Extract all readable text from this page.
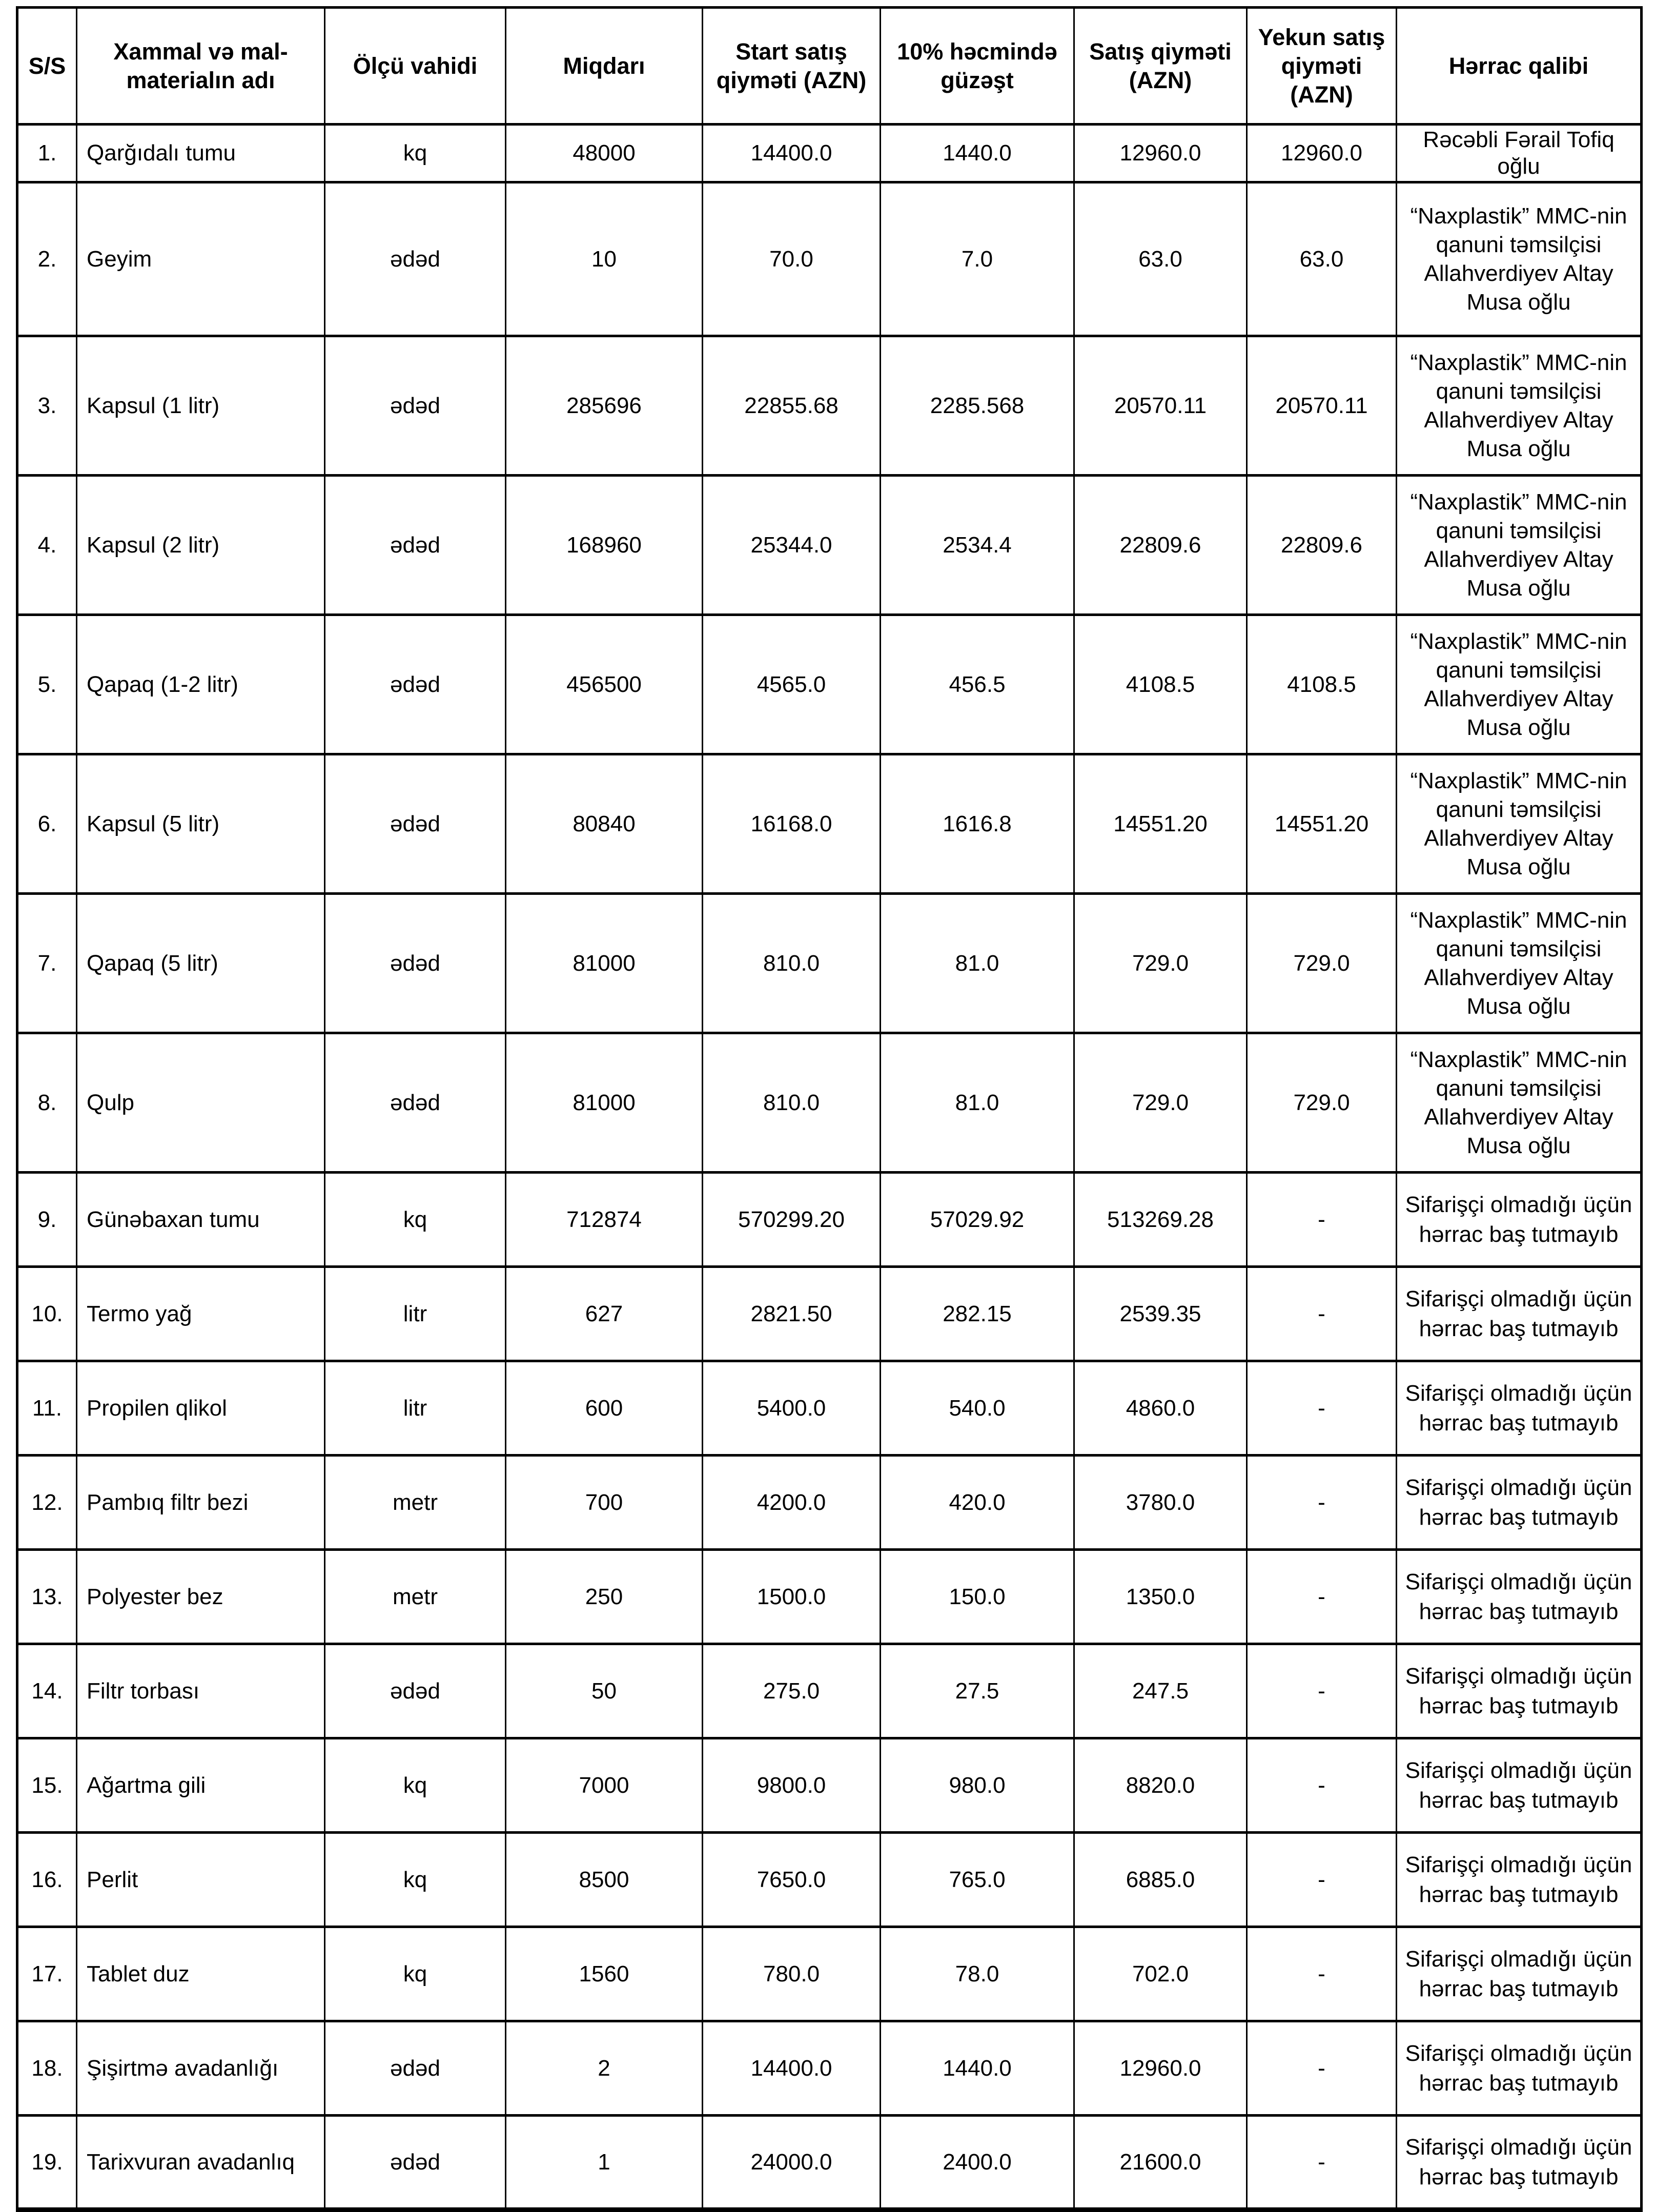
S/S	Xammal və mal-materialın adı	Ölçü vahidi	Miqdarı	Start satış qiyməti (AZN)	10% həcmində güzəşt	Satış qiyməti (AZN)	Yekun satış qiyməti (AZN)	Hərrac qalibi
1.	Qarğıdalı tumu	kq	48000	14400.0	1440.0	12960.0	12960.0	Rəcəbli Fərail Tofiq oğlu
2.	Geyim	ədəd	10	70.0	7.0	63.0	63.0	“Naxplastik” MMC-nin qanuni təmsilçisi Allahverdiyev Altay Musa oğlu
3.	Kapsul (1 litr)	ədəd	285696	22855.68	2285.568	20570.11	20570.11	“Naxplastik” MMC-nin qanuni təmsilçisi Allahverdiyev Altay Musa oğlu
4.	Kapsul (2 litr)	ədəd	168960	25344.0	2534.4	22809.6	22809.6	“Naxplastik” MMC-nin qanuni təmsilçisi Allahverdiyev Altay Musa oğlu
5.	Qapaq (1-2 litr)	ədəd	456500	4565.0	456.5	4108.5	4108.5	“Naxplastik” MMC-nin qanuni təmsilçisi Allahverdiyev Altay Musa oğlu
6.	Kapsul (5 litr)	ədəd	80840	16168.0	1616.8	14551.20	14551.20	“Naxplastik” MMC-nin qanuni təmsilçisi Allahverdiyev Altay Musa oğlu
7.	Qapaq (5 litr)	ədəd	81000	810.0	81.0	729.0	729.0	“Naxplastik” MMC-nin qanuni təmsilçisi Allahverdiyev Altay Musa oğlu
8.	Qulp	ədəd	81000	810.0	81.0	729.0	729.0	“Naxplastik” MMC-nin qanuni təmsilçisi Allahverdiyev Altay Musa oğlu
9.	Günəbaxan tumu	kq	712874	570299.20	57029.92	513269.28	-	Sifarişçi olmadığı üçün hərrac baş tutmayıb
10.	Termo yağ	litr	627	2821.50	282.15	2539.35	-	Sifarişçi olmadığı üçün hərrac baş tutmayıb
11.	Propilen qlikol	litr	600	5400.0	540.0	4860.0	-	Sifarişçi olmadığı üçün hərrac baş tutmayıb
12.	Pambıq filtr bezi	metr	700	4200.0	420.0	3780.0	-	Sifarişçi olmadığı üçün hərrac baş tutmayıb
13.	Polyester bez	metr	250	1500.0	150.0	1350.0	-	Sifarişçi olmadığı üçün hərrac baş tutmayıb
14.	Filtr torbası	ədəd	50	275.0	27.5	247.5	-	Sifarişçi olmadığı üçün hərrac baş tutmayıb
15.	Ağartma gili	kq	7000	9800.0	980.0	8820.0	-	Sifarişçi olmadığı üçün hərrac baş tutmayıb
16.	Perlit	kq	8500	7650.0	765.0	6885.0	-	Sifarişçi olmadığı üçün hərrac baş tutmayıb
17.	Tablet duz	kq	1560	780.0	78.0	702.0	-	Sifarişçi olmadığı üçün hərrac baş tutmayıb
18.	Şişirtmə avadanlığı	ədəd	2	14400.0	1440.0	12960.0	-	Sifarişçi olmadığı üçün hərrac baş tutmayıb
19.	Tarixvuran avadanlıq	ədəd	1	24000.0	2400.0	21600.0	-	Sifarişçi olmadığı üçün hərrac baş tutmayıb
